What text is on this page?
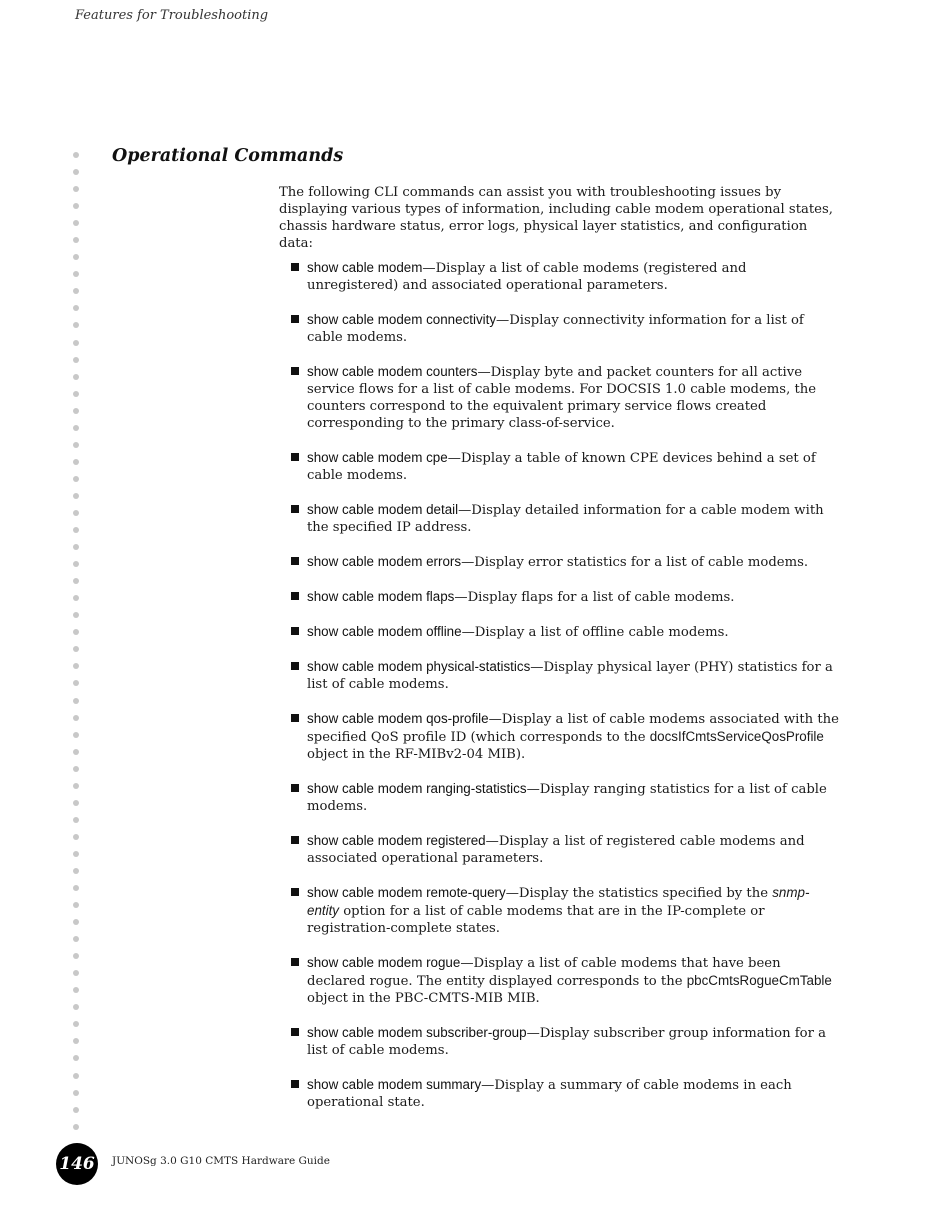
Features for Troubleshooting
Operational Commands

The following CLI commands can assist you with troubleshooting issues by displaying various types of information, including cable modem operational states, chassis hardware status, error logs, physical layer statistics, and configuration data:

show cable modem—Display a list of cable modems (registered and unregistered) and associated operational parameters.
show cable modem connectivity—Display connectivity information for a list of cable modems.
show cable modem counters—Display byte and packet counters for all active service flows for a list of cable modems. For DOCSIS 1.0 cable modems, the counters correspond to the equivalent primary service flows created corresponding to the primary class-of-service.
show cable modem cpe—Display a table of known CPE devices behind a set of cable modems.
show cable modem detail—Display detailed information for a cable modem with the specified IP address.
show cable modem errors—Display error statistics for a list of cable modems.
show cable modem flaps—Display flaps for a list of cable modems.
show cable modem offline—Display a list of offline cable modems.
show cable modem physical-statistics—Display physical layer (PHY) statistics for a list of cable modems.
show cable modem qos-profile—Display a list of cable modems associated with the specified QoS profile ID (which corresponds to the docsIfCmtsServiceQosProfile object in the RF-MIBv2-04 MIB).
show cable modem ranging-statistics—Display ranging statistics for a list of cable modems.
show cable modem registered—Display a list of registered cable modems and associated operational parameters.
show cable modem remote-query—Display the statistics specified by the snmp-entity option for a list of cable modems that are in the IP-complete or registration-complete states.
show cable modem rogue—Display a list of cable modems that have been declared rogue. The entity displayed corresponds to the pbcCmtsRogueCmTable object in the PBC-CMTS-MIB MIB.
show cable modem subscriber-group—Display subscriber group information for a list of cable modems.
show cable modem summary—Display a summary of cable modems in each operational state.
146 JUNOSg 3.0 G10 CMTS Hardware Guide
